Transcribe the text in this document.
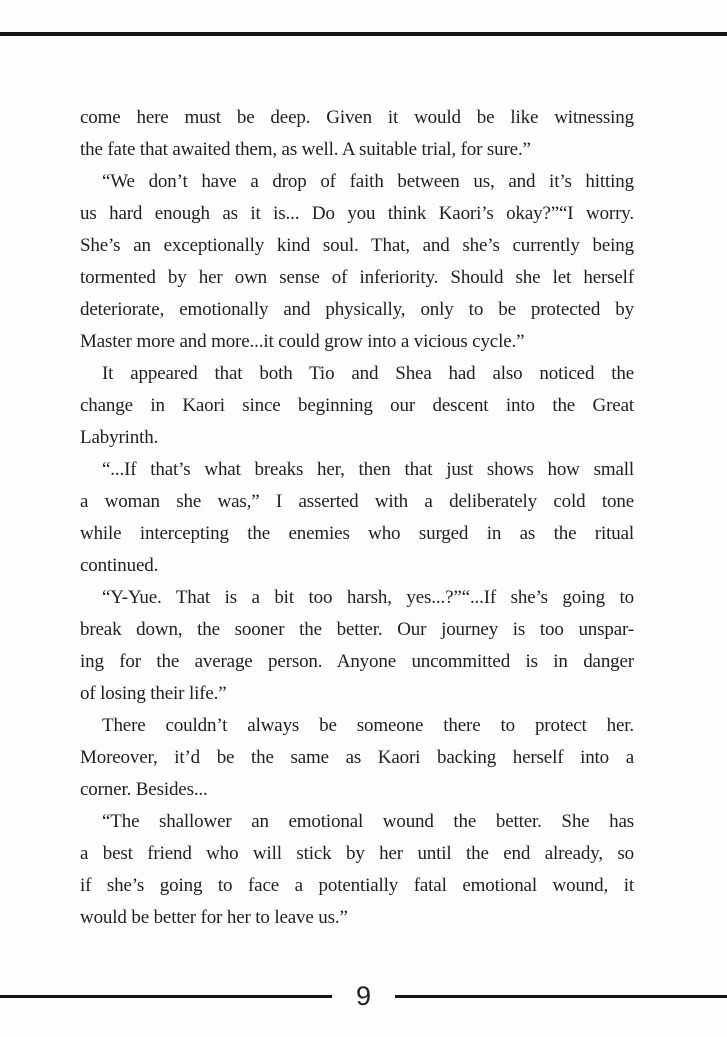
come here must be deep. Given it would be like witnessing
the fate that awaited them, as well. A suitable trial, for sure.”
“We don’t have a drop of faith between us, and it’s hitting
us hard enough as it is... Do you think Kaori’s okay?”“I worry.
She’s an exceptionally kind soul. That, and she’s currently being
tormented by her own sense of inferiority. Should she let herself
deteriorate, emotionally and physically, only to be protected by
Master more and more...it could grow into a vicious cycle.”
It appeared that both Tio and Shea had also noticed the
change in Kaori since beginning our descent into the Great
Labyrinth.
“...If that’s what breaks her, then that just shows how small
a woman she was,” I asserted with a deliberately cold tone
while intercepting the enemies who surged in as the ritual
continued.
“Y-Yue. That is a bit too harsh, yes...?”“...If she’s going to
break down, the sooner the better. Our journey is too unspar-
ing for the average person. Anyone uncommitted is in danger
of losing their life.”
There couldn’t always be someone there to protect her.
Moreover, it’d be the same as Kaori backing herself into a
corner. Besides...
“The shallower an emotional wound the better. She has
a best friend who will stick by her until the end already, so
if she’s going to face a potentially fatal emotional wound, it
would be better for her to leave us.”
9
